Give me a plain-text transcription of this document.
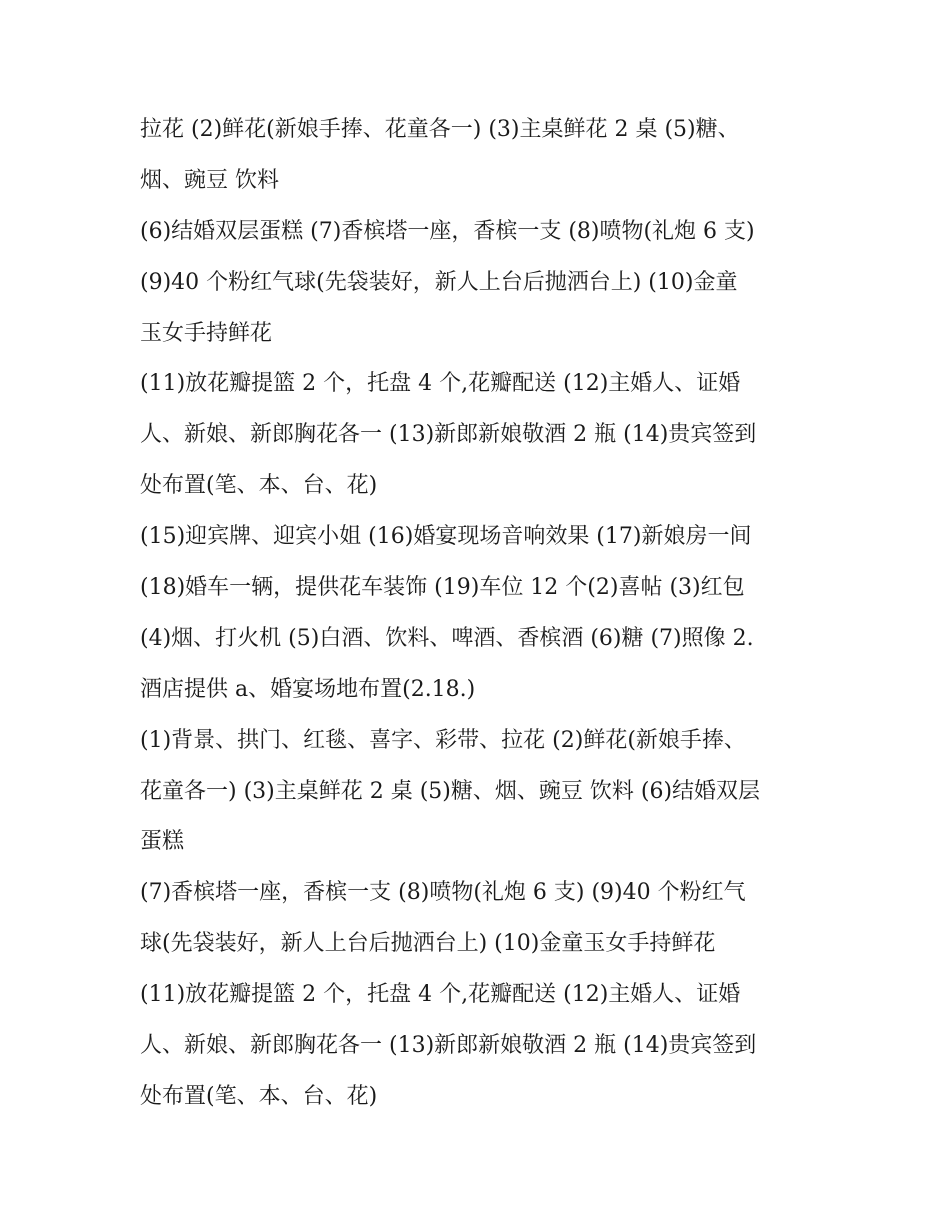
拉花 (2)鲜花(新娘手捧、花童各一) (3)主桌鲜花 2 桌 (5)糖、
烟、豌豆 饮料
(6)结婚双层蛋糕 (7)香槟塔一座，香槟一支 (8)喷物(礼炮 6 支)
(9)40 个粉红气球(先袋装好，新人上台后抛洒台上) (10)金童
玉女手持鲜花
(11)放花瓣提篮 2 个，托盘 4 个,花瓣配送 (12)主婚人、证婚
人、新娘、新郎胸花各一 (13)新郎新娘敬酒 2 瓶 (14)贵宾签到
处布置(笔、本、台、花)
(15)迎宾牌、迎宾小姐 (16)婚宴现场音响效果 (17)新娘房一间
(18)婚车一辆，提供花车装饰 (19)车位 12 个(2)喜帖 (3)红包
(4)烟、打火机 (5)白酒、饮料、啤酒、香槟酒 (6)糖 (7)照像 2.
酒店提供 a、婚宴场地布置(2.18.)
(1)背景、拱门、红毯、喜字、彩带、拉花 (2)鲜花(新娘手捧、
花童各一) (3)主桌鲜花 2 桌 (5)糖、烟、豌豆 饮料 (6)结婚双层
蛋糕
(7)香槟塔一座，香槟一支 (8)喷物(礼炮 6 支) (9)40 个粉红气
球(先袋装好，新人上台后抛洒台上) (10)金童玉女手持鲜花
(11)放花瓣提篮 2 个，托盘 4 个,花瓣配送 (12)主婚人、证婚
人、新娘、新郎胸花各一 (13)新郎新娘敬酒 2 瓶 (14)贵宾签到
处布置(笔、本、台、花)
